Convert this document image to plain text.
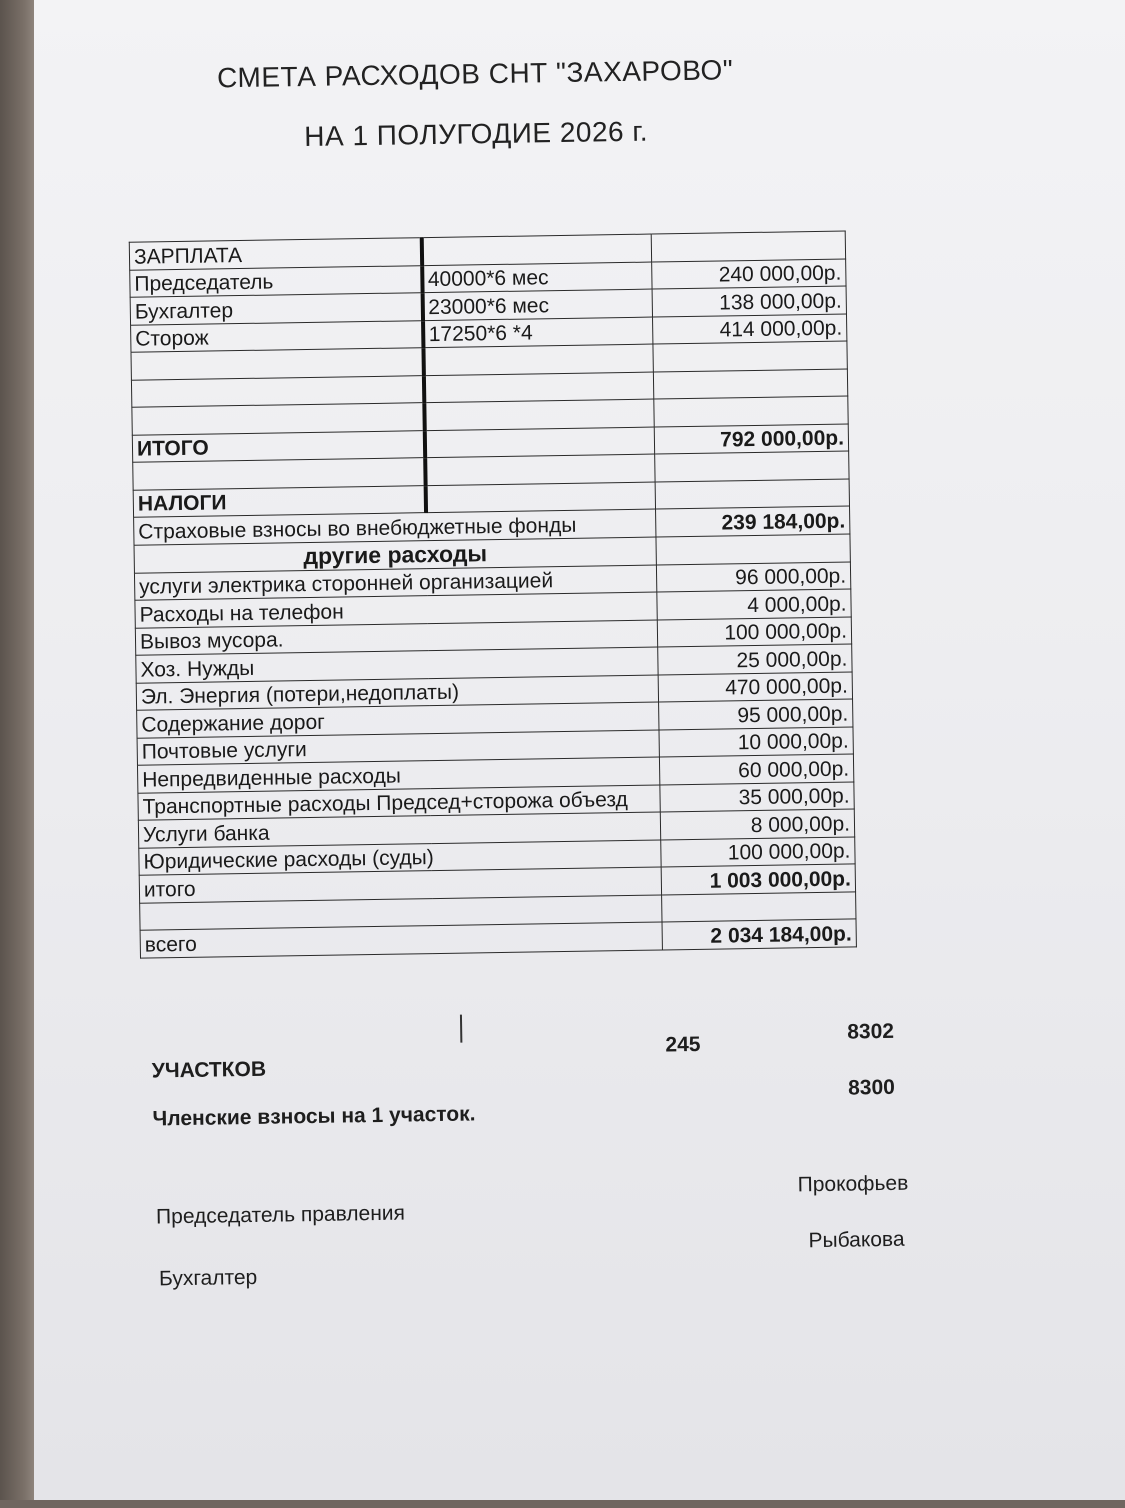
СМЕТА РАСХОДОВ СНТ "ЗАХАРОВО"
НА 1 ПОЛУГОДИЕ 2026 г.
ЗАРПЛАТА		
Председатель	40000*6 мес	240 000,00р.
Бухгалтер	23000*6 мес	138 000,00р.
Сторож	17250*6 *4	414 000,00р.

ИТОГО		792 000,00р.

НАЛОГИ		
Страховые взносы во внебюджетные фонды		239 184,00р.
другие расходы		
услуги электрика сторонней организацией		96 000,00р.
Расходы на телефон		4 000,00р.
Вывоз мусора.		100 000,00р.
Хоз. Нужды		25 000,00р.
Эл. Энергия (потери,недоплаты)		470 000,00р.
Содержание дорог		95 000,00р.
Почтовые услуги		10 000,00р.
Непредвиденные расходы		60 000,00р.
Транспортные расходы Председ+сторожа объезд		35 000,00р.
Услуги банка		8 000,00р.
Юридические расходы (суды)		100 000,00р.
итого		1 003 000,00р.

всего		2 034 184,00р.
245
8302
УЧАСТКОВ
8300
Членские взносы на 1 участок.
Прокофьев
Председатель правления
Рыбакова
Бухгалтер
